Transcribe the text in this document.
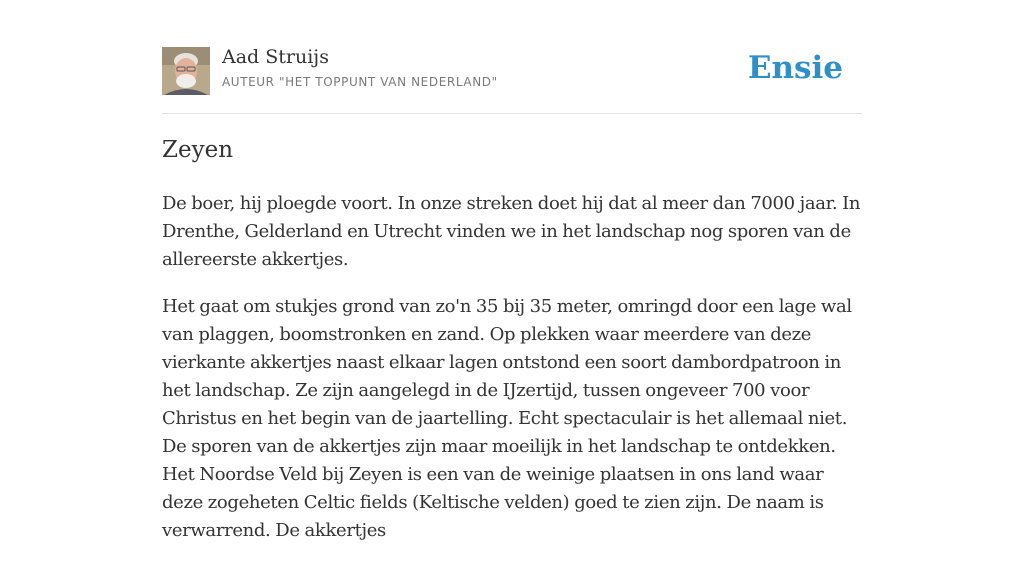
Aad Struijs
AUTEUR "HET TOPPUNT VAN NEDERLAND"	Ensie
Zeyen

De boer, hij ploegde voort. In onze streken doet hij dat al meer dan 7000 jaar. In Drenthe, Gelderland en Utrecht vinden we in het landschap nog sporen van de allereerste akkertjes.

Het gaat om stukjes grond van zo'n 35 bij 35 meter, omringd door een lage wal van plaggen, boomstronken en zand. Op plekken waar meerdere van deze vierkante akkertjes naast elkaar lagen ontstond een soort dambordpatroon in het landschap. Ze zijn aangelegd in de IJzertijd, tussen ongeveer 700 voor Christus en het begin van de jaartelling. Echt spectaculair is het allemaal niet. De sporen van de akkertjes zijn maar moeilijk in het landschap te ontdekken. Het Noordse Veld bij Zeyen is een van de weinige plaatsen in ons land waar deze zogeheten Celtic fields (Keltische velden) goed te zien zijn. De naam is verwarrend. De akkertjes
